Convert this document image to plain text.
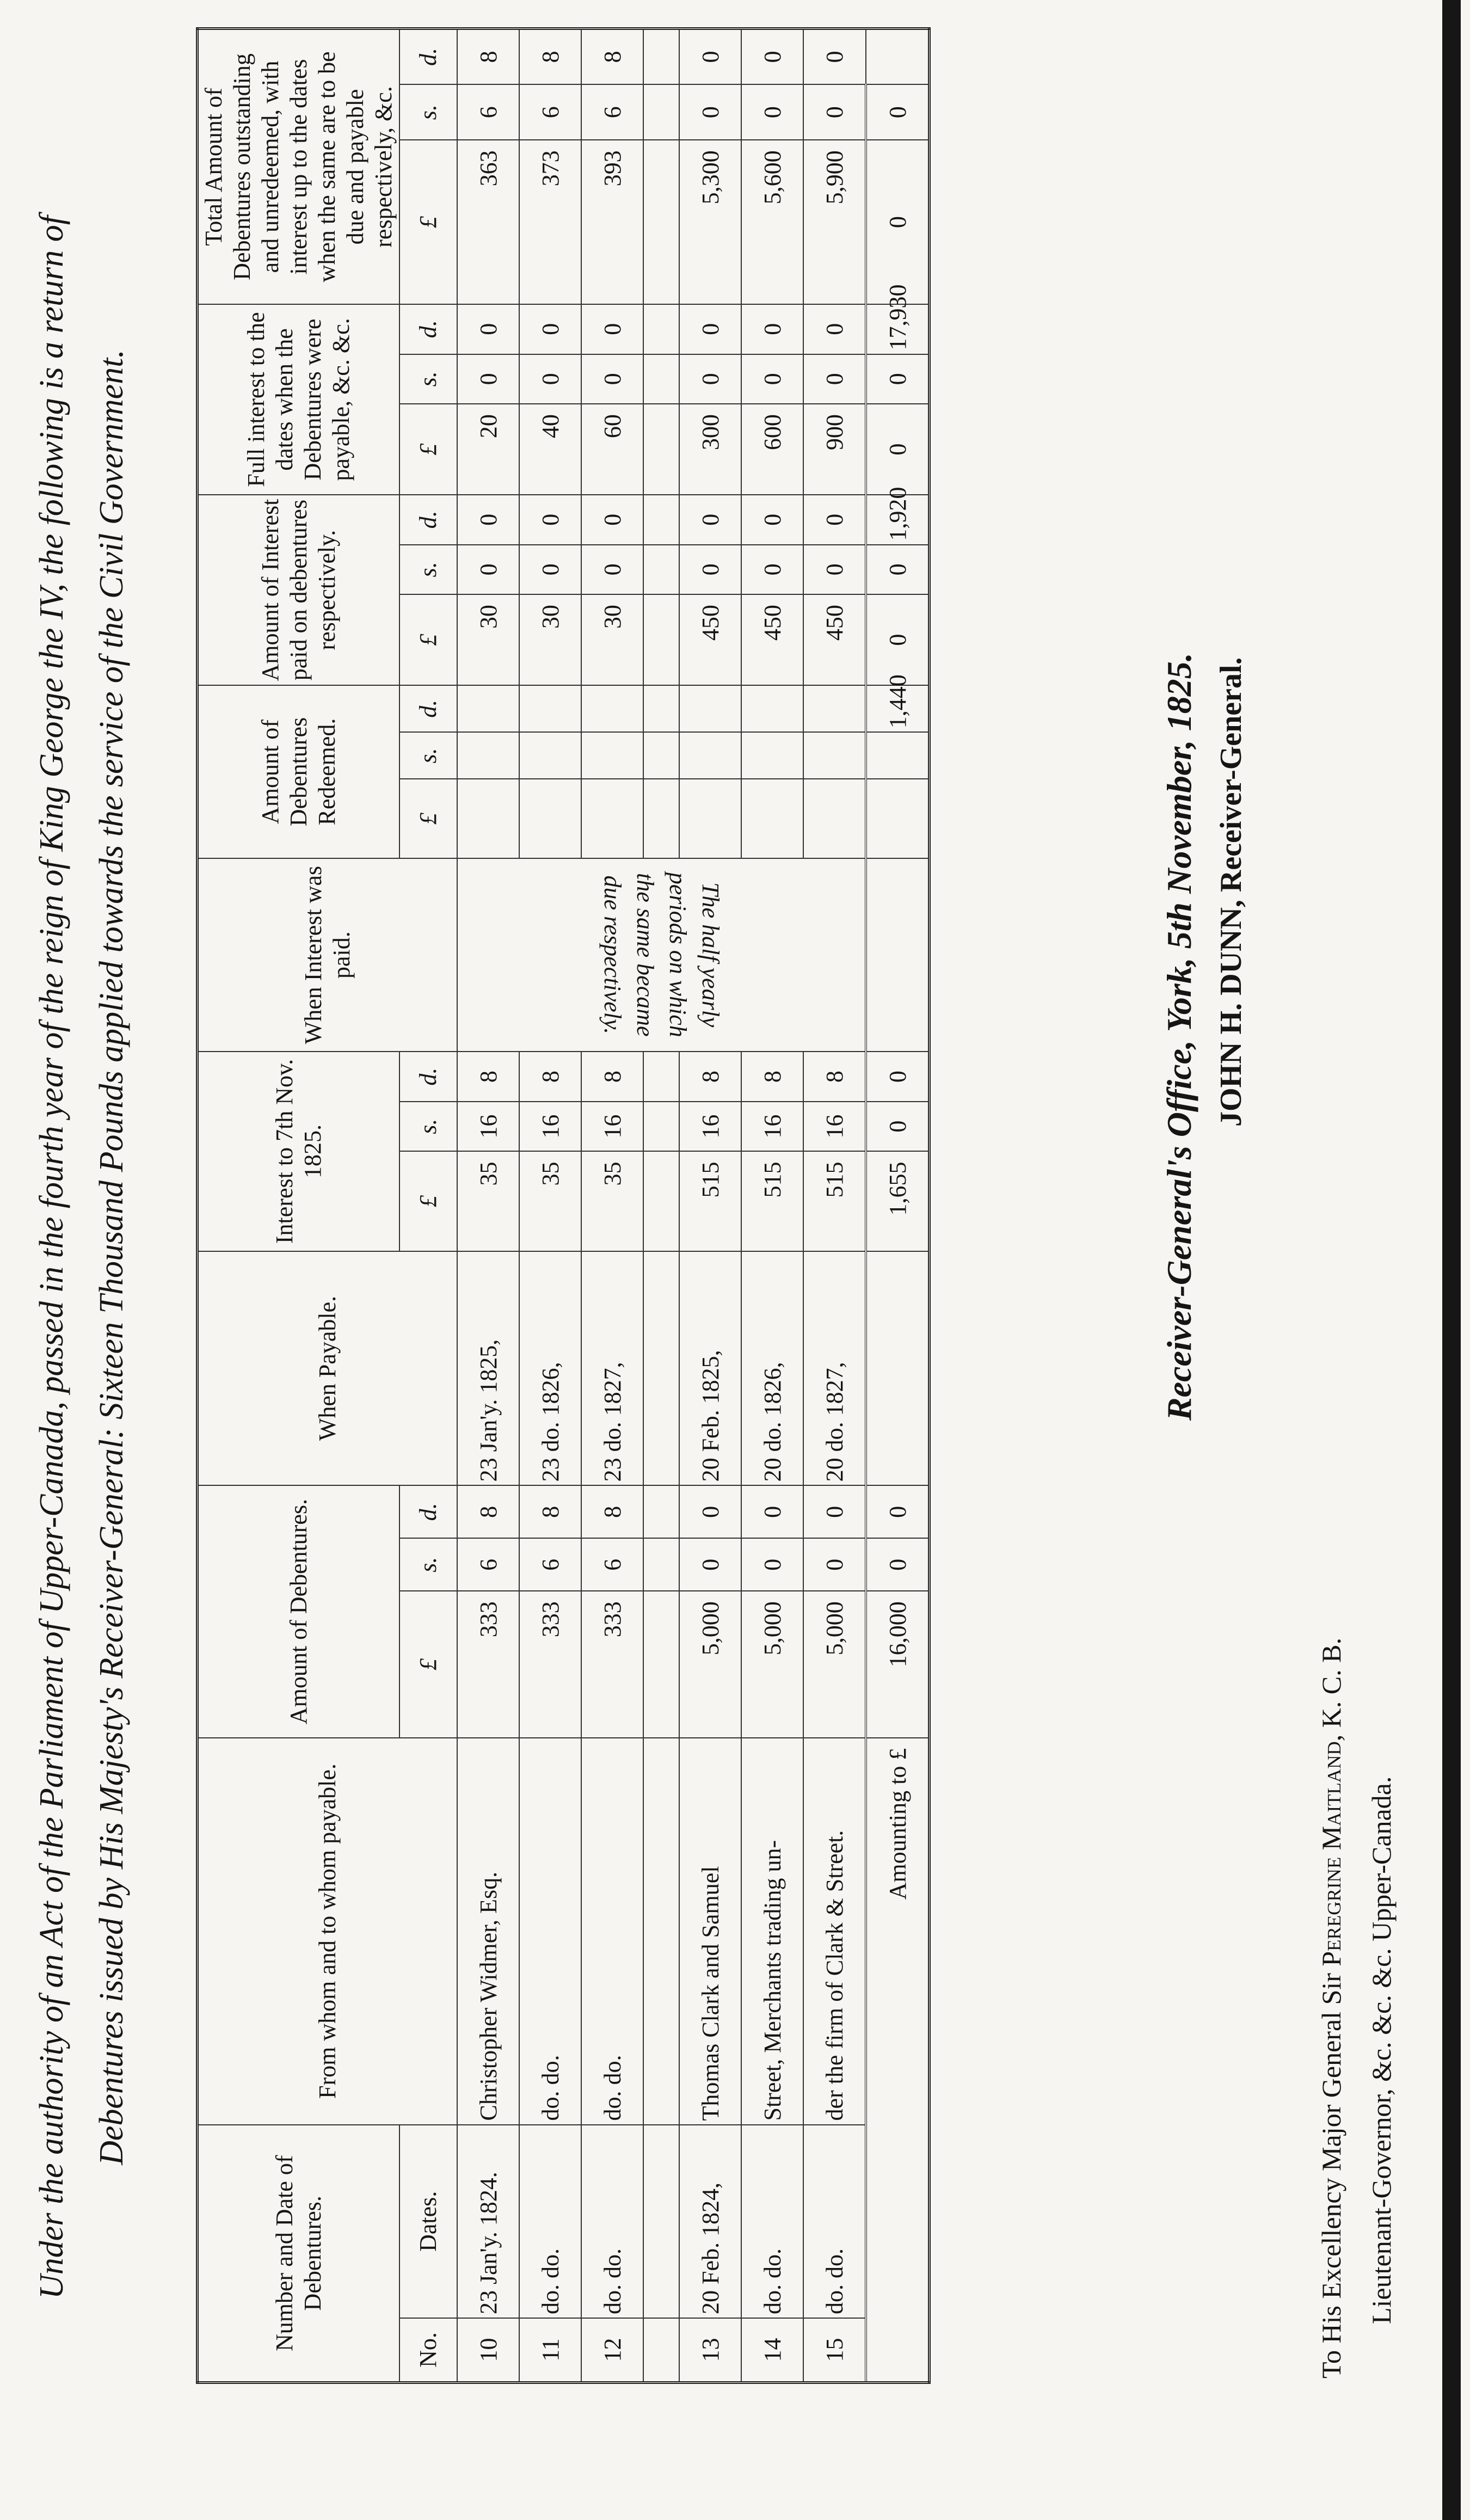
Under the authority of an Act of the Parliament of Upper-Canada, passed in the fourth year of the reign of King George the IV, the following is a return of Debentures issued by His Majesty's Receiver-General: Sixteen Thousand Pounds applied towards the service of the Civil Government.
Number and Date of Debentures.		From whom and to whom payable.	Amount of Debentures.			When Payable.	Interest to 7th Nov. 1825.			When Interest was paid.	Amount of Debentures Redeemed.			Amount of Interest paid on debentures respectively.			Full interest to the dates when the Debentures were payable, &c. &c.			Total Amount of Debentures outstanding and unredeemed, with interest up to the dates when the same are to be due and payable respectively, &c.		
No.	Dates.		£	s.	d.		£	s.	d.		£	s.	d.	£	s.	d.	£	s.	d.	£	s.	d.
10	23 Jan'y. 1824.	Christopher Widmer, Esq.	333	6	8	23 Jan'y. 1825,	35	16	8	The half yearly periods on which the same became due respectively.				30	0	0	20	0	0	363	6	8
11	do. do.	do. do.	333	6	8	23 do. 1826,	35	16	8					30	0	0	40	0	0	373	6	8
12	do. do.	do. do.	333	6	8	23 do. 1827,	35	16	8					30	0	0	60	0	0	393	6	8

13	20 Feb. 1824,	Thomas Clark and Samuel	5,000	0	0	20 Feb. 1825,	515	16	8					450	0	0	300	0	0	5,300	0	0
14	do. do.	Street, Merchants trading un-	5,000	0	0	20 do. 1826,	515	16	8					450	0	0	600	0	0	5,600	0	0
15	do. do.	der the firm of Clark & Street.	5,000	0	0	20 do. 1827,	515	16	8					450	0	0	900	0	0	5,900	0	0
Amounting to £			16,000	0	0		1,655	0	0				1,440	0	0	1,920	0	0	17,930	0	0	
To His Excellency Major General Sir Peregrine Maitland, K. C. B.
Lieutenant-Governor, &c. &c. &c. Upper-Canada.
Receiver-General's Office, York, 5th November, 1825. JOHN H. DUNN, Receiver-General.
